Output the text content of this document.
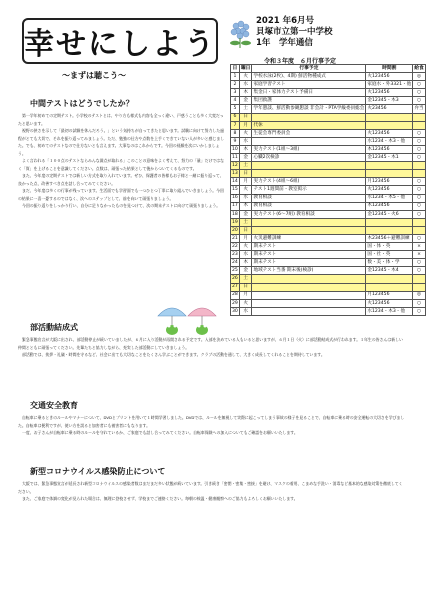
幸せにしよう
～まずは聴こう～
2021 年6月号
貝塚市立第一中学校
1年　学年通信
令和３年度　６月行事予定
日	曜日	行事予定	時間割	給食
1	火	学校水泳(2枚)、4期) 鮮活物種成式	火123456	◎
2	水	家庭学習テスト	家庭水・外3321・他	○
3	木	集金日・家体力テスト予備日	火123456	○
4	金	集団救護	金12345・木3	○
5	土	学年懇談、鮮活動参観懇談 非会計・PTA学級委員総会	火23456	弁当
6	日			
7	月	代休		
8	火	生徒会専門委員会	火123456	○
9	水		水1234・木3・他	○
10	木	実力テスト(1組～3組)	木123456	○
11	金	心臓2次検診	金12345・木1	○
12	土			
13	日			
14	月	実力テスト(4組～6組)	月123456	○
15	火	テスト1週間前・教室掲示	火123456	○
16	水	教育相談	水1234・木5・他	○
17	木	教育相談	木123456	○
18	金	実力テスト(6～7組) 教育相談	金12345・火6	○
19	土			
20	日			
21	月	火災避難訓練	木23456＋避難訓練	○
22	火	期末テスト	国・体・英	×
23	水	期末テスト	国・社・英	×
24	木	期末テスト	数・美・体・学	○
25	金	地域テスト当番 期末後(検診)	金12345・木4	○
26	土			
27	日			
28	月		月123456	◎
29	火		火123456	○
30	水		水1234・木3・他	○
中間テストはどうでしたか？

第一学年初めての定期テスト。小学校のテストとは、やり方も様式も内容も全っく違い、戸惑うことも多く大変だったと思います。

視野の狭さを示して「最初の試験を休んだろう。」という気持ちが自ってきたと思います。試験に向けて努力した過程がとても大切で、それを振り返ってみましょう。ただ、勉強の仕方や点数を上手くできていない人が多いと感じました。でも、初めてのテストなので仕方ないとも言えます。大事なのはこれからです。今回の経験を次にいかしましょう。

よく言われる「１００点のテストならみんな満点が取れる」このことの意味をよく考えて、努力の「量」だけではなく「質」を上げることを意識してください。点数は、頑張った結果として後からついてくるものです。

また、今年度の定期テストでは新しい方式を取り入れています。ぜひ、保護者の皆様もお子様と一緒に振り返って、良かった点、改善すべき点を話し合ってみてください。

まだ、今年度は多くの行事が残っています。生活面でも学習面でも一つひとつ丁寧に取り組んでいきましょう。今回の結果に一喜一憂するのではなく、次へのステップとして、前を向いて頑張りましょう。

今回の振り返りをしっかり行い、自分に足りなかったものを見つけて、次の期末テストに向けて頑張りましょう。

部活動結成式

緊急事態宣言が大阪に出され、部活動停止が続いていましたが、６月に入り活動が再開される予定です。入部を決めている人もいると思いますが、６月１日（火）に部活動結成式が行われます。１年生の皆さんは新しい仲間とともに頑張ってください。先輩たちと協力しながら、充実した部活動にしていきましょう。

部活動では、挨拶・礼儀・時間を守るなど、社会に出ても大切なことをたくさん学ぶことができます。クラブの活動を通して、大きく成長してくれることを期待しています。

交通安全教育

自転車に乗るときのルールやマナーについて、DVDとプリントを用いて１時間学習しました。DVDでは、ルールを無視して実際に起こってしまう事故の様子を見ることで、自転車に乗る時の安全運転の大切さを学びました。自転車は便利ですが、使い方を誤ると加害者にも被害者にもなります。

一度、お子さんが自転車に乗る時のルールを守れているか、ご家庭でも話し合ってみてください。自転車保険への加入についてもご確認をお願いいたします。

新型コロナウイルス感染防止について

大阪では、緊急事態宣言が延長され新型コロナウイルスの感染者数はまだまだ多い状態が続いています。引き続き「密閉・密集・密接」を避け、マスクの着用、こまめな手洗い・消毒など基本的な感染対策を徹底してください。

また、ご家庭で体調の変化が見られた場合は、無理に登校させず、学校までご連絡ください。毎朝の検温・健康観察へのご協力もよろしくお願いいたします。
